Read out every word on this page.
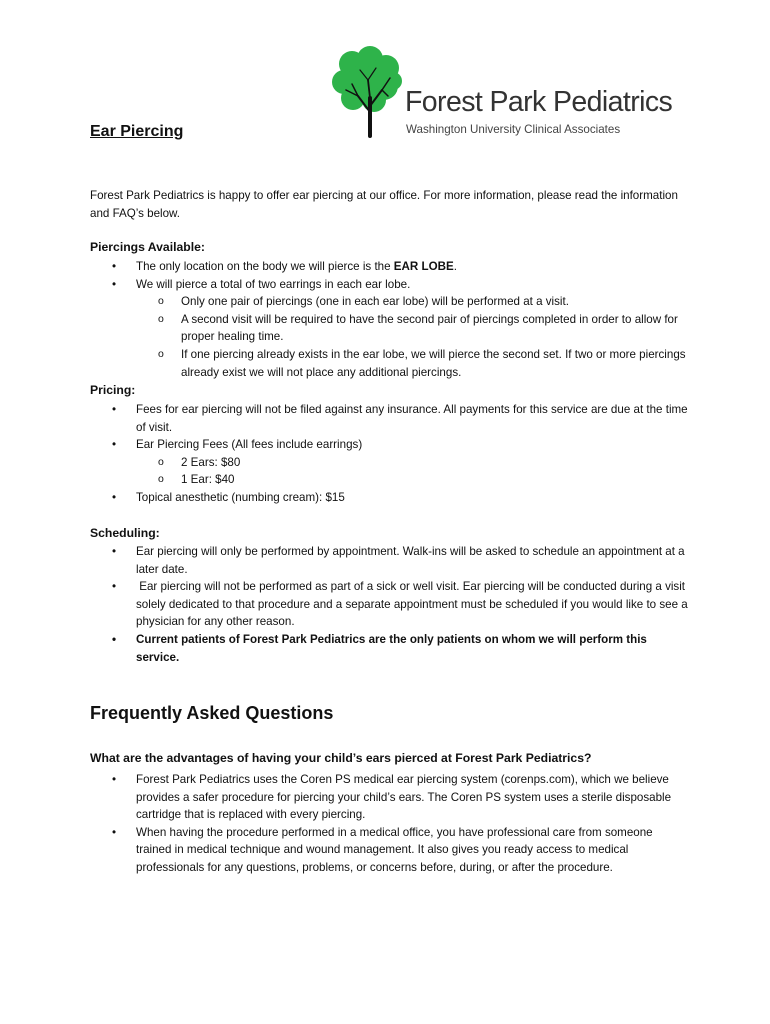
Forest Park Pediatrics
Washington University Clinical Associates
Ear Piercing

Forest Park Pediatrics is happy to offer ear piercing at our office. For more information, please read the information and FAQ’s below.

Piercings Available:
• The only location on the body we will pierce is the EAR LOBE.
• We will pierce a total of two earrings in each ear lobe.
o Only one pair of piercings (one in each ear lobe) will be performed at a visit.
o A second visit will be required to have the second pair of piercings completed in order to allow for proper healing time.
o If one piercing already exists in the ear lobe, we will pierce the second set. If two or more piercings already exist we will not place any additional piercings.
Pricing:
• Fees for ear piercing will not be filed against any insurance. All payments for this service are due at the time of visit.
• Ear Piercing Fees (All fees include earrings)
o 2 Ears: $80
o 1 Ear: $40
• Topical anesthetic (numbing cream): $15
Scheduling:
• Ear piercing will only be performed by appointment. Walk-ins will be asked to schedule an appointment at a later date.
•  Ear piercing will not be performed as part of a sick or well visit. Ear piercing will be conducted during a visit solely dedicated to that procedure and a separate appointment must be scheduled if you would like to see a physician for any other reason.
• Current patients of Forest Park Pediatrics are the only patients on whom we will perform this service.
Frequently Asked Questions
What are the advantages of having your child’s ears pierced at Forest Park Pediatrics?
• Forest Park Pediatrics uses the Coren PS medical ear piercing system (corenps.com), which we believe provides a safer procedure for piercing your child’s ears. The Coren PS system uses a sterile disposable cartridge that is replaced with every piercing.
• When having the procedure performed in a medical office, you have professional care from someone trained in medical technique and wound management. It also gives you ready access to medical professionals for any questions, problems, or concerns before, during, or after the procedure.
